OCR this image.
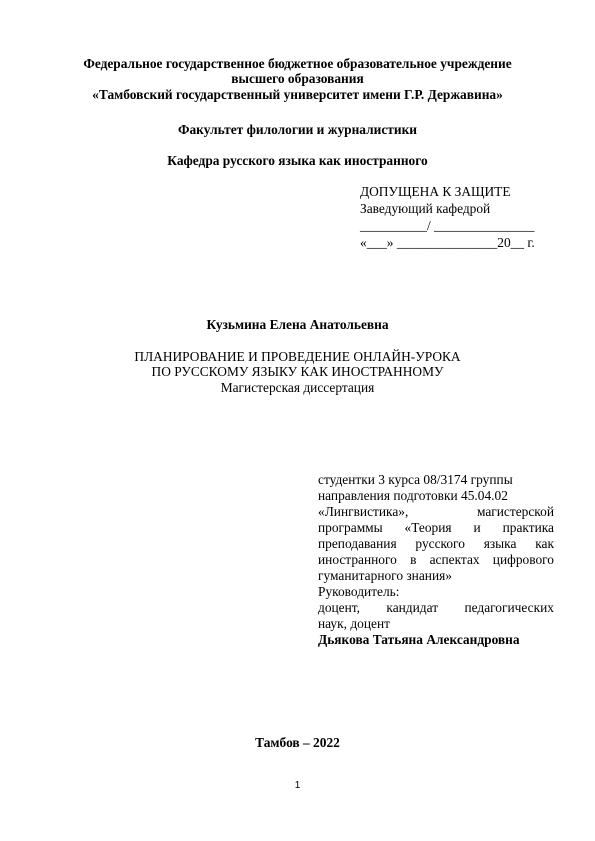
Федеральное государственное бюджетное образовательное учреждение
высшего образования
«Тамбовский государственный университет имени Г.Р. Державина»
Факультет филологии и журналистики
Кафедра русского языка как иностранного
ДОПУЩЕНА К ЗАЩИТЕ
Заведующий кафедрой
__________/ _______________
«___» _______________20__ г.
Кузьмина Елена Анатольевна
ПЛАНИРОВАНИЕ И ПРОВЕДЕНИЕ ОНЛАЙН-УРОКА
ПО РУССКОМУ ЯЗЫКУ КАК ИНОСТРАННОМУ
Магистерская диссертация
студентки 3 курса 08/3174 группы
направления подготовки 45.04.02
«Лингвистика», магистерской
программы «Теория и практика
преподавания русского языка как
иностранного в аспектах цифрового
гуманитарного знания»
Руководитель:
доцент, кандидат педагогических
наук, доцент
Дьякова Татьяна Александровна
Тамбов – 2022
1
